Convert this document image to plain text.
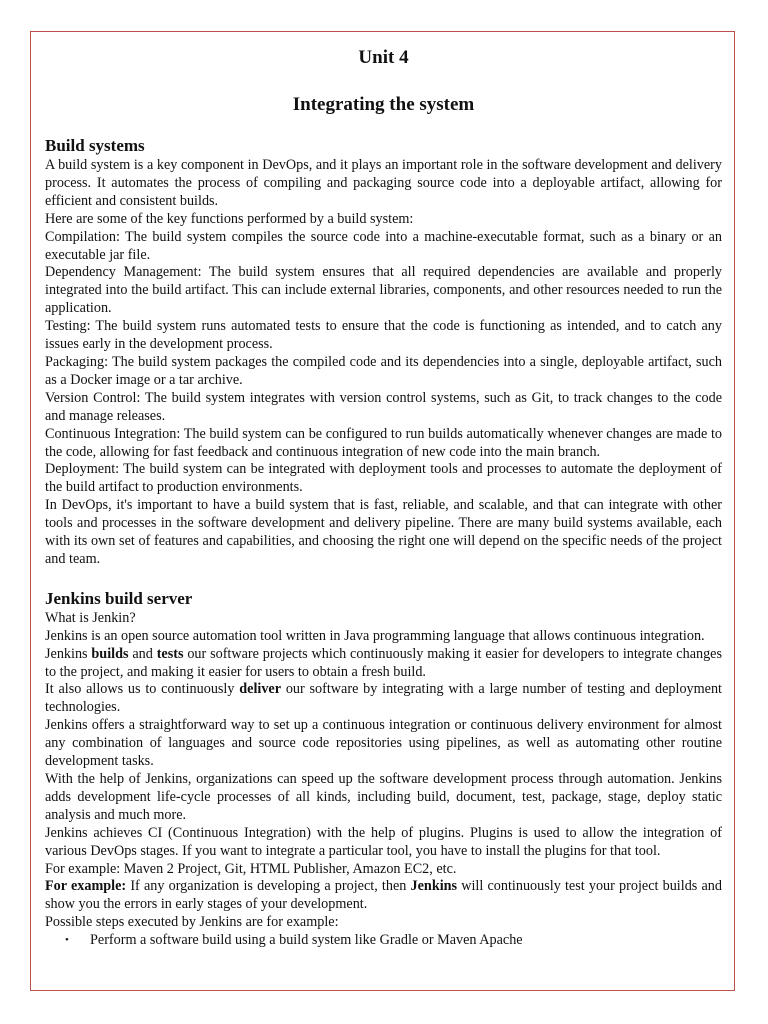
Unit 4
Integrating the system
Build systems

A build system is a key component in DevOps, and it plays an important role in the software development and delivery process. It automates the process of compiling and packaging source code into a deployable artifact, allowing for efficient and consistent builds.

Here are some of the key functions performed by a build system:

Compilation: The build system compiles the source code into a machine-executable format, such as a binary or an executable jar file.

Dependency Management: The build system ensures that all required dependencies are available and properly integrated into the build artifact. This can include external libraries, components, and other resources needed to run the application.

Testing: The build system runs automated tests to ensure that the code is functioning as intended, and to catch any issues early in the development process.

Packaging: The build system packages the compiled code and its dependencies into a single, deployable artifact, such as a Docker image or a tar archive.

Version Control: The build system integrates with version control systems, such as Git, to track changes to the code and manage releases.

Continuous Integration: The build system can be configured to run builds automatically whenever changes are made to the code, allowing for fast feedback and continuous integration of new code into the main branch.

Deployment: The build system can be integrated with deployment tools and processes to automate the deployment of the build artifact to production environments.

In DevOps, it's important to have a build system that is fast, reliable, and scalable, and that can integrate with other tools and processes in the software development and delivery pipeline. There are many build systems available, each with its own set of features and capabilities, and choosing the right one will depend on the specific needs of the project and team.

Jenkins build server

What is Jenkin?

Jenkins is an open source automation tool written in Java programming language that allows continuous integration.

Jenkins builds and tests our software projects which continuously making it easier for developers to integrate changes to the project, and making it easier for users to obtain a fresh build.

It also allows us to continuously deliver our software by integrating with a large number of testing and deployment technologies.

Jenkins offers a straightforward way to set up a continuous integration or continuous delivery environment for almost any combination of languages and source code repositories using pipelines, as well as automating other routine development tasks.

With the help of Jenkins, organizations can speed up the software development process through automation. Jenkins adds development life-cycle processes of all kinds, including build, document, test, package, stage, deploy static analysis and much more.

Jenkins achieves CI (Continuous Integration) with the help of plugins. Plugins is used to allow the integration of various DevOps stages. If you want to integrate a particular tool, you have to install the plugins for that tool.

For example: Maven 2 Project, Git, HTML Publisher, Amazon EC2, etc.

For example: If any organization is developing a project, then Jenkins will continuously test your project builds and show you the errors in early stages of your development.

Possible steps executed by Jenkins are for example:

• Perform a software build using a build system like Gradle or Maven Apache
